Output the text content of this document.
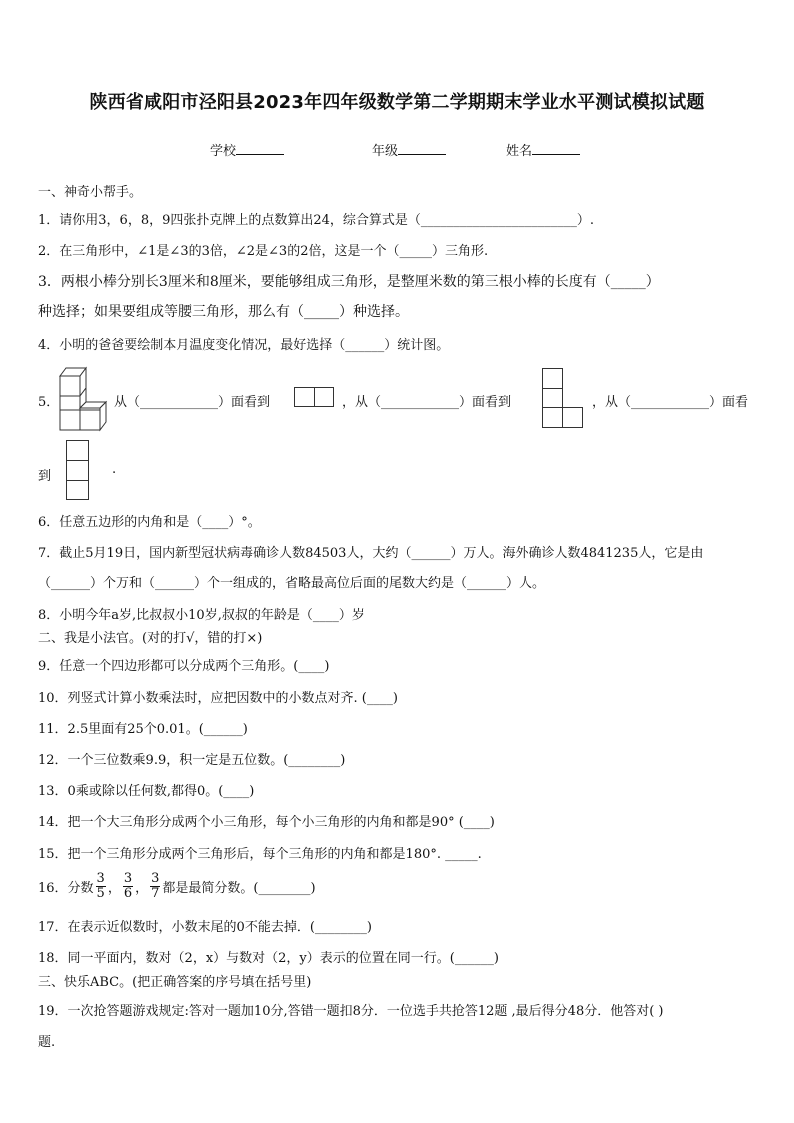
陕西省咸阳市泾阳县2023年四年级数学第二学期期末学业水平测试模拟试题
学校	年级	姓名
一、神奇小帮手。
1．请你用3，6，8，9四张扑克牌上的点数算出24，综合算式是（________________________）.
2．在三角形中，∠1是∠3的3倍，∠2是∠3的2倍，这是一个（_____）三角形.
3．两根小棒分别长3厘米和8厘米，要能够组成三角形，是整厘米数的第三根小棒的长度有（_____）
种选择；如果要组成等腰三角形，那么有（_____）种选择。
4．小明的爸爸要绘制本月温度变化情况，最好选择（______）统计图。
5．	从（____________）面看到	，从（____________）面看到	，从（____________）面看
到	.
6．任意五边形的内角和是（____）°。
7．截止5月19日，国内新型冠状病毒确诊人数84503人，大约（______）万人。海外确诊人数4841235人，它是由
（______）个万和（______）个一组成的，省略最高位后面的尾数大约是（______）人。
8．小明今年a岁,比叔叔小10岁,叔叔的年龄是（____）岁
二、我是小法官。(对的打√，错的打×)
9．任意一个四边形都可以分成两个三角形。(____)
10．列竖式计算小数乘法时，应把因数中的小数点对齐. (____)
11．2.5里面有25个0.01。(______)
12．一个三位数乘9.9，积一定是五位数。(________)
13．0乘或除以任何数,都得0。(____)
14．把一个大三角形分成两个小三角形，每个小三角形的内角和都是90° (____)
15．把一个三角形分成两个三角形后，每个三角形的内角和都是180°. _____.
16．分数 $\frac{3}{5}$ ， $\frac{3}{6}$ ， $\frac{3}{7}$ 都是最简分数。(________)
17．在表示近似数时，小数末尾的0不能去掉．(________)
18．同一平面内，数对（2，x）与数对（2，y）表示的位置在同一行。(______)
三、快乐ABC。(把正确答案的序号填在括号里)
19．一次抢答题游戏规定:答对一题加10分,答错一题扣8分．一位选手共抢答12题 ,最后得分48分．他答对( )
题.
